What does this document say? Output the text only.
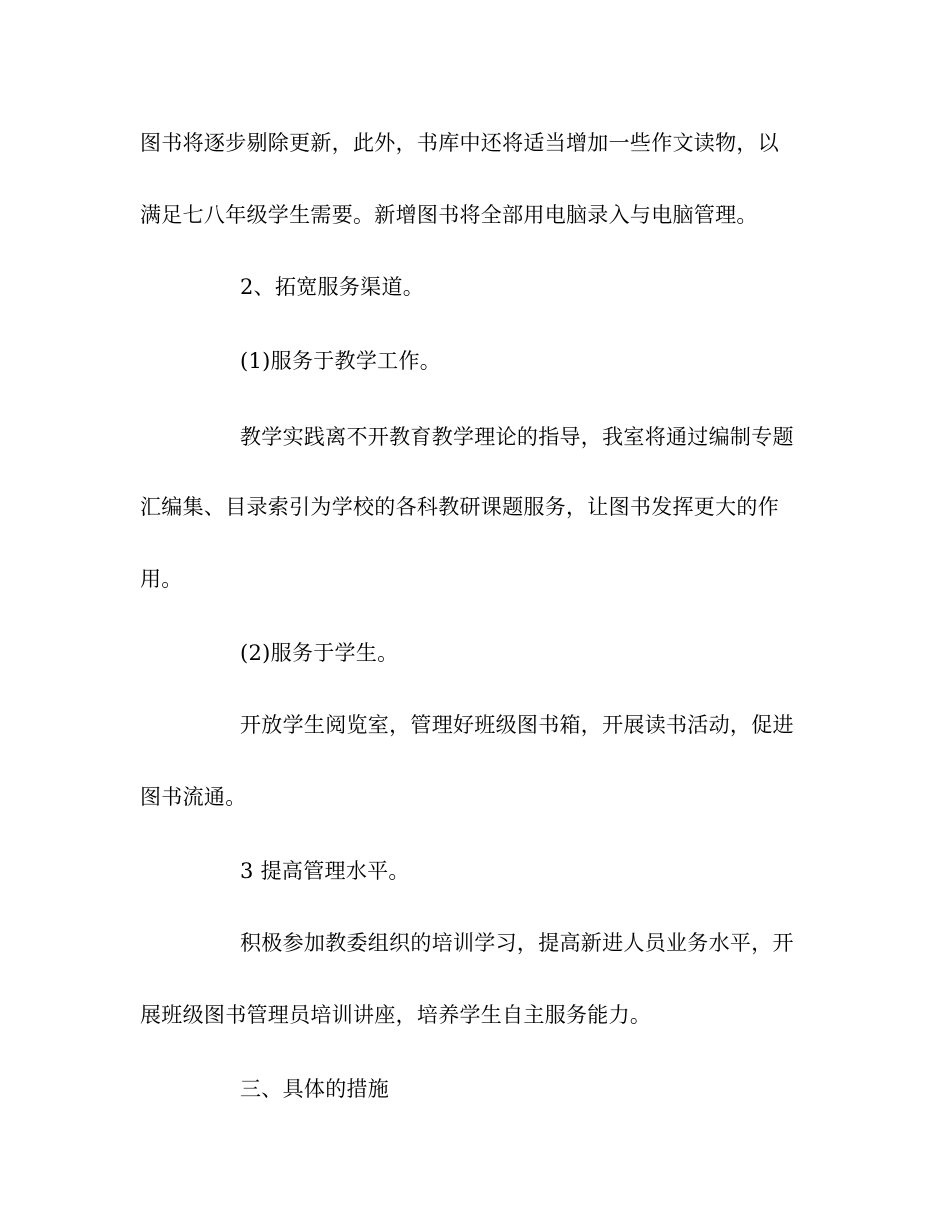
图书将逐步剔除更新，此外，书库中还将适当增加一些作文读物，以
满足七八年级学生需要。新增图书将全部用电脑录入与电脑管理。
2、拓宽服务渠道。
(1)服务于教学工作。
教学实践离不开教育教学理论的指导，我室将通过编制专题
汇编集、目录索引为学校的各科教研课题服务，让图书发挥更大的作
用。
(2)服务于学生。
开放学生阅览室，管理好班级图书箱，开展读书活动，促进
图书流通。
3 提高管理水平。
积极参加教委组织的培训学习，提高新进人员业务水平，开
展班级图书管理员培训讲座，培养学生自主服务能力。
三、具体的措施
